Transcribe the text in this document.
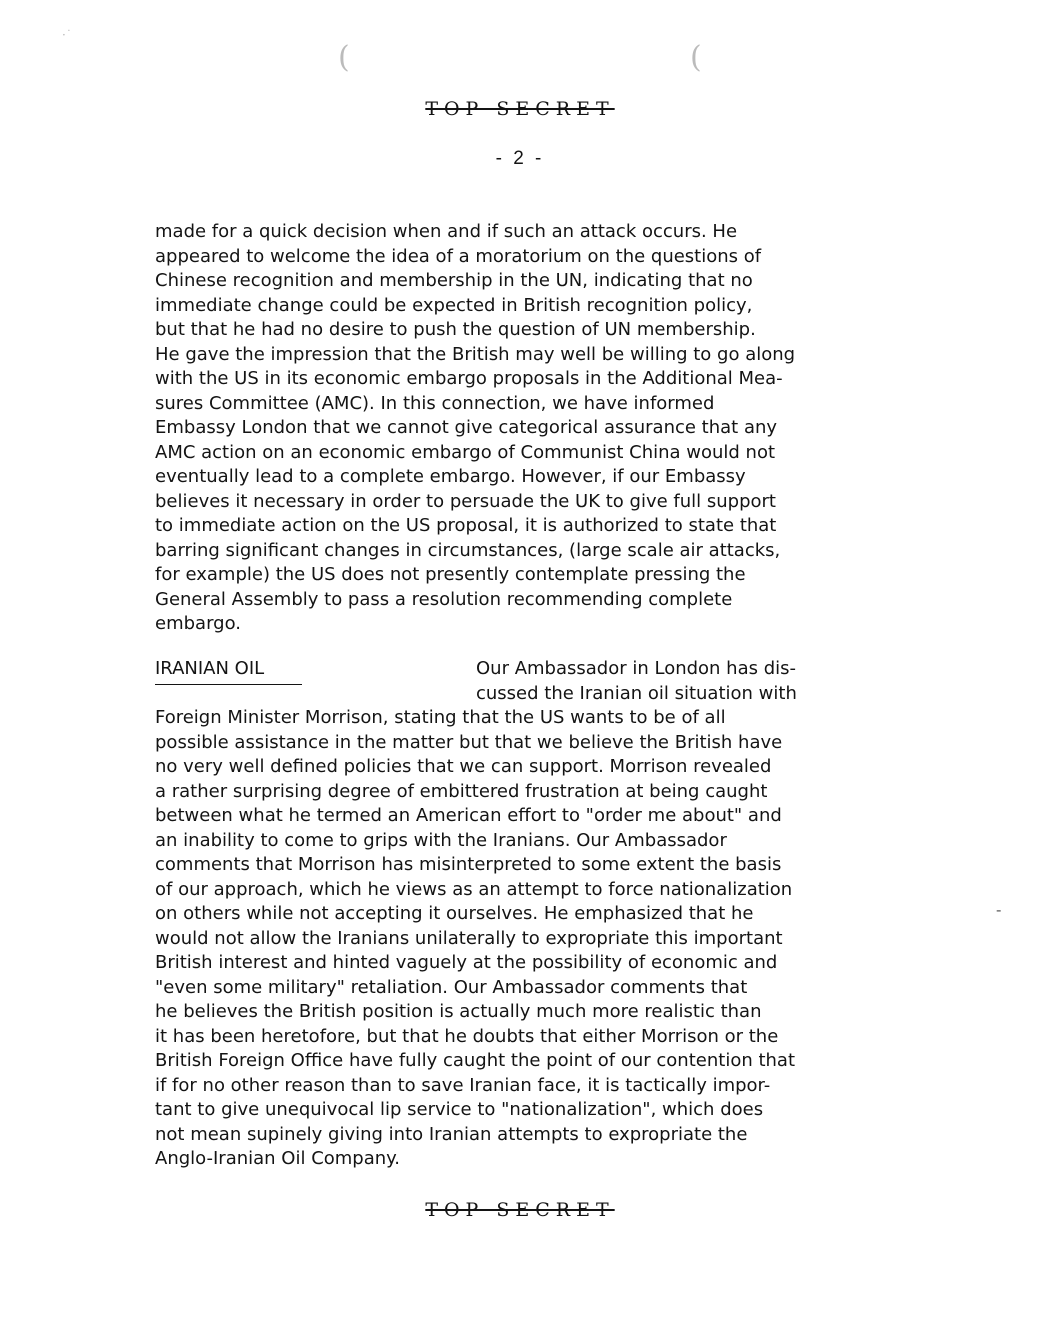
(	(
·˙
-
TOP SECRET
- 2 -
made for a quick decision when and if such an attack occurs. He
appeared to welcome the idea of a moratorium on the questions of
Chinese recognition and membership in the UN, indicating that no
immediate change could be expected in British recognition policy,
but that he had no desire to push the question of UN membership.
He gave the impression that the British may well be willing to go along
with the US in its economic embargo proposals in the Additional Mea-
sures Committee (AMC). In this connection, we have informed
Embassy London that we cannot give categorical assurance that any
AMC action on an economic embargo of Communist China would not
eventually lead to a complete embargo. However, if our Embassy
believes it necessary in order to persuade the UK to give full support
to immediate action on the US proposal, it is authorized to state that
barring significant changes in circumstances, (large scale air attacks,
for example) the US does not presently contemplate pressing the
General Assembly to pass a resolution recommending complete
embargo.
IRANIAN OIL	Our Ambassador in London has dis-
cussed the Iranian oil situation with
Foreign Minister Morrison, stating that the US wants to be of all
possible assistance in the matter but that we believe the British have
no very well defined policies that we can support. Morrison revealed
a rather surprising degree of embittered frustration at being caught
between what he termed an American effort to "order me about" and
an inability to come to grips with the Iranians. Our Ambassador
comments that Morrison has misinterpreted to some extent the basis
of our approach, which he views as an attempt to force nationalization
on others while not accepting it ourselves. He emphasized that he
would not allow the Iranians unilaterally to expropriate this important
British interest and hinted vaguely at the possibility of economic and
"even some military" retaliation. Our Ambassador comments that
he believes the British position is actually much more realistic than
it has been heretofore, but that he doubts that either Morrison or the
British Foreign Office have fully caught the point of our contention that
if for no other reason than to save Iranian face, it is tactically impor-
tant to give unequivocal lip service to "nationalization", which does
not mean supinely giving into Iranian attempts to expropriate the
Anglo-Iranian Oil Company.
TOP SECRET
